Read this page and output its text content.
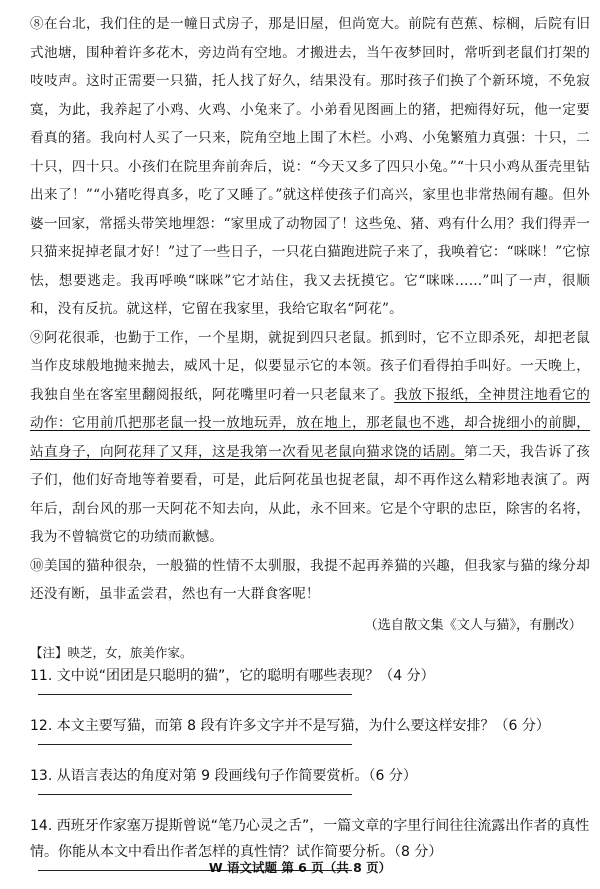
⑧在台北，我们住的是一幢日式房子，那是旧屋，但尚宽大。前院有芭蕉、棕榈，后院有旧式池塘，围种着许多花木，旁边尚有空地。才搬进去，当午夜梦回时，常听到老鼠们打架的吱吱声。这时正需要一只猫，托人找了好久，结果没有。那时孩子们换了个新环境，不免寂寞，为此，我养起了小鸡、火鸡、小兔来了。小弟看见图画上的猪，把痴得好玩，他一定要看真的猪。我向村人买了一只来，院角空地上围了木栏。小鸡、小兔繁殖力真强：十只，二十只，四十只。小孩们在院里奔前奔后，说：“今天又多了四只小兔。”“十只小鸡从蛋壳里钻出来了！”“小猪吃得真多，吃了又睡了。”就这样使孩子们高兴，家里也非常热闹有趣。但外婆一回家，常摇头带笑地埋怨：“家里成了动物园了！这些兔、猪、鸡有什么用？我们得弄一只猫来捉掉老鼠才好！”过了一些日子，一只花白猫跑进院子来了，我唤着它：“咪咪！”它惊怯，想要逃走。我再呼唤“咪咪”它才站住，我又去抚摸它。它“咪咪……”叫了一声，很顺和，没有反抗。就这样，它留在我家里，我给它取名“阿花”。

⑨阿花很乖，也勤于工作，一个星期，就捉到四只老鼠。抓到时，它不立即杀死，却把老鼠当作皮球般地抛来抛去，威风十足，似要显示它的本领。孩子们看得拍手叫好。一天晚上，我独自坐在客室里翻阅报纸，阿花嘴里叼着一只老鼠来了。我放下报纸，全神贯注地看它的动作：它用前爪把那老鼠一投一放地玩弄，放在地上，那老鼠也不逃，却合拢细小的前脚，站直身子，向阿花拜了又拜，这是我第一次看见老鼠向猫求饶的话剧。第二天，我告诉了孩子们，他们好奇地等着要看，可是，此后阿花虽也捉老鼠，却不再作这么精彩地表演了。两年后，刮台风的那一天阿花不知去向，从此，永不回来。它是个守职的忠臣，除害的名将，我为不曾犒赏它的功绩而歉憾。

⑩美国的猫种很杂，一般猫的性情不太驯服，我提不起再养猫的兴趣，但我家与猫的缘分却还没有断，虽非孟尝君，然也有一大群食客呢！

（选自散文集《文人与猫》，有删改）
【注】映芝，女，旅美作家。
11. 文中说“团团是只聪明的猫”，它的聪明有哪些表现？（4 分）
12. 本文主要写猫，而第 8 段有许多文字并不是写猫，为什么要这样安排？（6 分）
13. 从语言表达的角度对第 9 段画线句子作简要赏析。（6 分）
14. 西班牙作家塞万提斯曾说“笔乃心灵之舌”，一篇文章的字里行间往往流露出作者的真性情。你能从本文中看出作者怎样的真性情？试作简要分析。（8 分）
W 语文试题 第 6 页（共 8 页）
